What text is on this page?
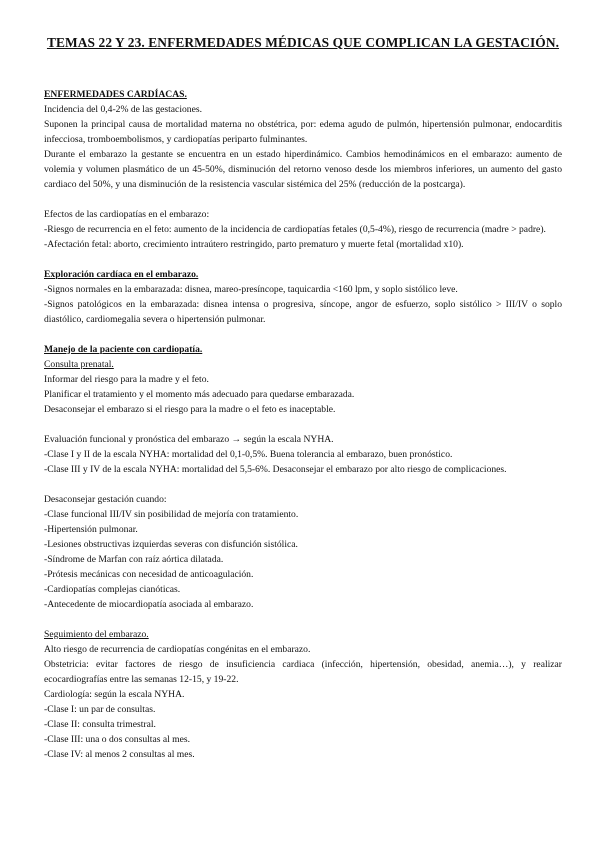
TEMAS 22 Y 23. ENFERMEDADES MÉDICAS QUE COMPLICAN LA GESTACIÓN.

ENFERMEDADES CARDÍACAS.

Incidencia del 0,4-2% de las gestaciones.

Suponen la principal causa de mortalidad materna no obstétrica, por: edema agudo de pulmón, hipertensión pulmonar, endocarditis infecciosa, tromboembolismos, y cardiopatías periparto fulminantes.

Durante el embarazo la gestante se encuentra en un estado hiperdinámico. Cambios hemodinámicos en el embarazo: aumento de volemia y volumen plasmático de un 45-50%, disminución del retorno venoso desde los miembros inferiores, un aumento del gasto cardiaco del 50%, y una disminución de la resistencia vascular sistémica del 25% (reducción de la postcarga).

Efectos de las cardiopatías en el embarazo:

-Riesgo de recurrencia en el feto: aumento de la incidencia de cardiopatías fetales (0,5-4%), riesgo de recurrencia (madre > padre).

-Afectación fetal: aborto, crecimiento intraútero restringido, parto prematuro y muerte fetal (mortalidad x10).

Exploración cardíaca en el embarazo.

-Signos normales en la embarazada: disnea, mareo-presíncope, taquicardia <160 lpm, y soplo sistólico leve.

-Signos patológicos en la embarazada: disnea intensa o progresiva, síncope, angor de esfuerzo, soplo sistólico > III/IV o soplo diastólico, cardiomegalia severa o hipertensión pulmonar.

Manejo de la paciente con cardiopatía.

Consulta prenatal.

Informar del riesgo para la madre y el feto.

Planificar el tratamiento y el momento más adecuado para quedarse embarazada.

Desaconsejar el embarazo si el riesgo para la madre o el feto es inaceptable.

Evaluación funcional y pronóstica del embarazo → según la escala NYHA.

-Clase I y II de la escala NYHA: mortalidad del 0,1-0,5%. Buena tolerancia al embarazo, buen pronóstico.

-Clase III y IV de la escala NYHA: mortalidad del 5,5-6%. Desaconsejar el embarazo por alto riesgo de complicaciones.

Desaconsejar gestación cuando:

-Clase funcional III/IV sin posibilidad de mejoría con tratamiento.

-Hipertensión pulmonar.

-Lesiones obstructivas izquierdas severas con disfunción sistólica.

-Síndrome de Marfan con raíz aórtica dilatada.

-Prótesis mecánicas con necesidad de anticoagulación.

-Cardiopatías complejas cianóticas.

-Antecedente de miocardiopatía asociada al embarazo.

Seguimiento del embarazo.

Alto riesgo de recurrencia de cardiopatías congénitas en el embarazo.

Obstetricia: evitar factores de riesgo de insuficiencia cardiaca (infección, hipertensión, obesidad, anemia…), y realizar ecocardiografías entre las semanas 12-15, y 19-22.

Cardiología: según la escala NYHA.

-Clase I: un par de consultas.

-Clase II: consulta trimestral.

-Clase III: una o dos consultas al mes.

-Clase IV: al menos 2 consultas al mes.
